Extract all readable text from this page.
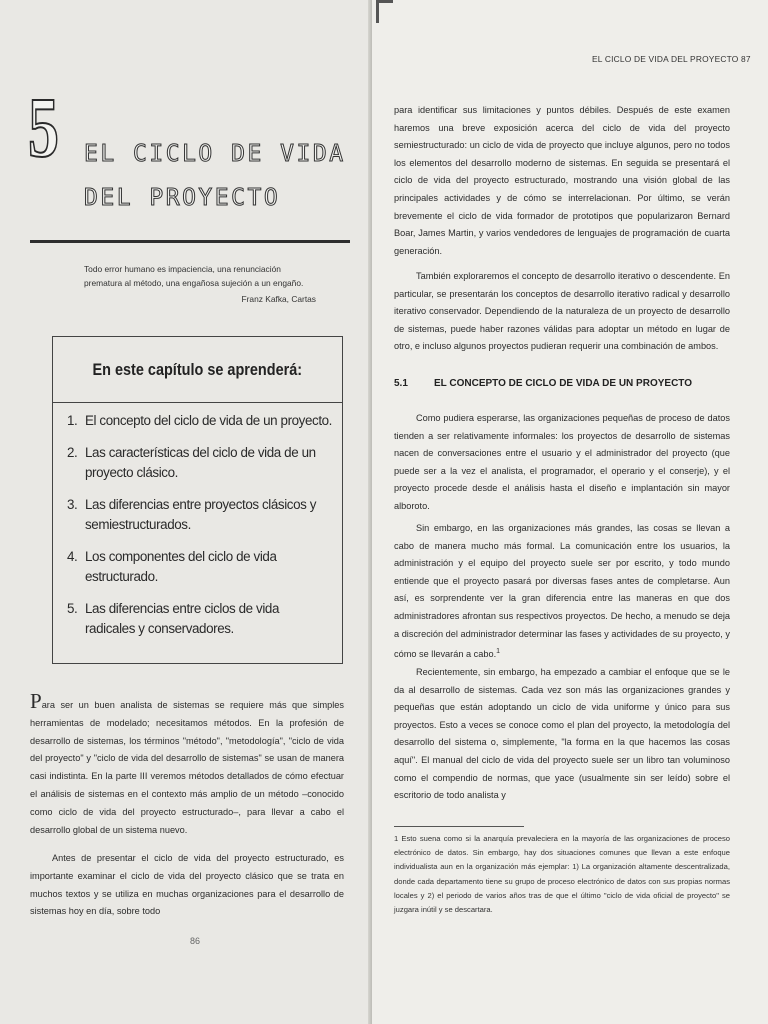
5 EL CICLO DE VIDA DEL PROYECTO

Todo error humano es impaciencia, una renunciación prematura al método, una engañosa sujeción a un engaño.

Franz Kafka, Cartas

En este capítulo se aprenderá:
1. El concepto del ciclo de vida de un proyecto.
2. Las características del ciclo de vida de un proyecto clásico.
3. Las diferencias entre proyectos clásicos y semiestructurados.
4. Los componentes del ciclo de vida estructurado.
5. Las diferencias entre ciclos de vida radicales y conservadores.

Para ser un buen analista de sistemas se requiere más que simples herramientas de modelado; necesitamos métodos. En la profesión de desarrollo de sistemas, los términos "método", "metodología", "ciclo de vida del proyecto" y "ciclo de vida del desarrollo de sistemas" se usan de manera casi indistinta. En la parte III veremos métodos detallados de cómo efectuar el análisis de sistemas en el contexto más amplio de un método –conocido como ciclo de vida del proyecto estructurado–, para llevar a cabo el desarrollo global de un sistema nuevo.

Antes de presentar el ciclo de vida del proyecto estructurado, es importante examinar el ciclo de vida del proyecto clásico que se trata en muchos textos y se utiliza en muchas organizaciones para el desarrollo de sistemas hoy en día, sobre todo

86

EL CICLO DE VIDA DEL PROYECTO 87

para identificar sus limitaciones y puntos débiles. Después de este examen haremos una breve exposición acerca del ciclo de vida del proyecto semiestructurado: un ciclo de vida de proyecto que incluye algunos, pero no todos los elementos del desarrollo moderno de sistemas. En seguida se presentará el ciclo de vida del proyecto estructurado, mostrando una visión global de las principales actividades y de cómo se interrelacionan. Por último, se verán brevemente el ciclo de vida formador de prototipos que popularizaron Bernard Boar, James Martin, y varios vendedores de lenguajes de programación de cuarta generación.

También exploraremos el concepto de desarrollo iterativo o descendente. En particular, se presentarán los conceptos de desarrollo iterativo radical y desarrollo iterativo conservador. Dependiendo de la naturaleza de un proyecto de desarrollo de sistemas, puede haber razones válidas para adoptar un método en lugar de otro, e incluso algunos proyectos pudieran requerir una combinación de ambos.

5.1	EL CONCEPTO DE CICLO DE VIDA DE UN PROYECTO

Como pudiera esperarse, las organizaciones pequeñas de proceso de datos tienden a ser relativamente informales: los proyectos de desarrollo de sistemas nacen de conversaciones entre el usuario y el administrador del proyecto (que puede ser a la vez el analista, el programador, el operario y el conserje), y el proyecto procede desde el análisis hasta el diseño e implantación sin mayor alboroto.

Sin embargo, en las organizaciones más grandes, las cosas se llevan a cabo de manera mucho más formal. La comunicación entre los usuarios, la administración y el equipo del proyecto suele ser por escrito, y todo mundo entiende que el proyecto pasará por diversas fases antes de completarse. Aun así, es sorprendente ver la gran diferencia entre las maneras en que dos administradores afrontan sus respectivos proyectos. De hecho, a menudo se deja a discreción del administrador determinar las fases y actividades de su proyecto, y cómo se llevarán a cabo.$^1$

Recientemente, sin embargo, ha empezado a cambiar el enfoque que se le da al desarrollo de sistemas. Cada vez son más las organizaciones grandes y pequeñas que están adoptando un ciclo de vida uniforme y único para sus proyectos. Esto a veces se conoce como el plan del proyecto, la metodología del desarrollo del sistema o, simplemente, "la forma en la que hacemos las cosas aquí". El manual del ciclo de vida del proyecto suele ser un libro tan voluminoso como el compendio de normas, que yace (usualmente sin ser leído) sobre el escritorio de todo analista y

1 Esto suena como si la anarquía prevaleciera en la mayoría de las organizaciones de proceso electrónico de datos. Sin embargo, hay dos situaciones comunes que llevan a este enfoque individualista aun en la organización más ejemplar: 1) La organización altamente descentralizada, donde cada departamento tiene su grupo de proceso electrónico de datos con sus propias normas locales y 2) el periodo de varios años tras de que el último "ciclo de vida oficial de proyecto" se juzgara inútil y se descartara.
